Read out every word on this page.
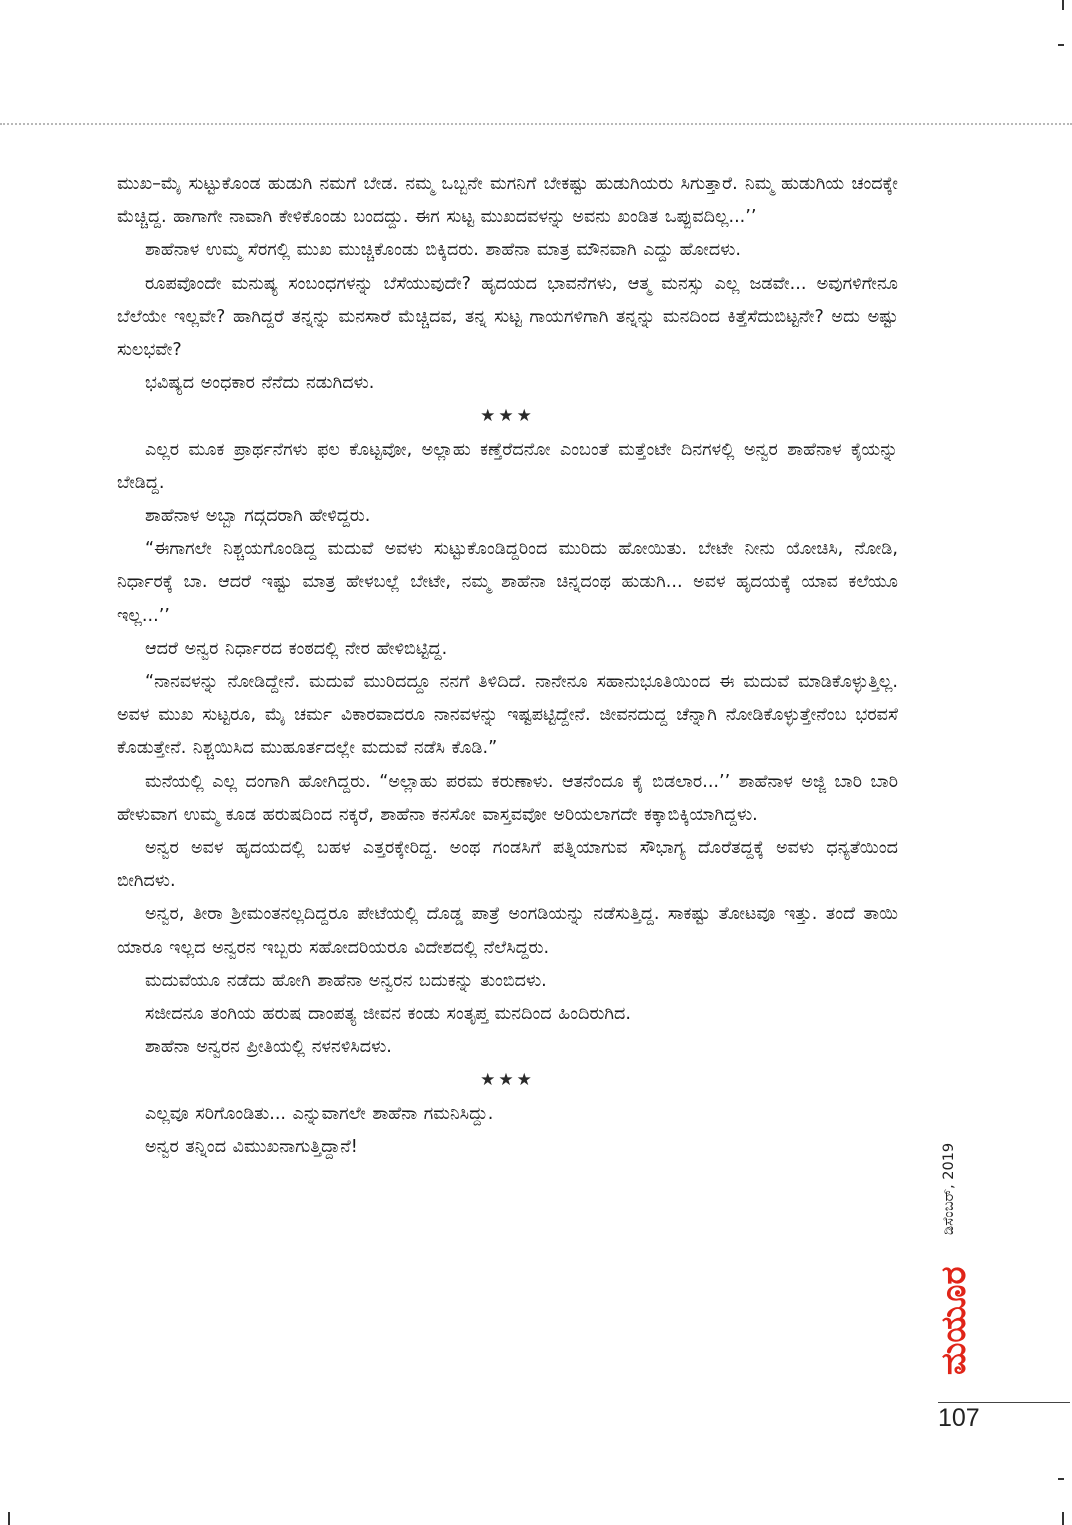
ಮುಖ–ಮೈ ಸುಟ್ಟುಕೊಂಡ ಹುಡುಗಿ ನಮಗೆ ಬೇಡ. ನಮ್ಮ ಒಬ್ಬನೇ ಮಗನಿಗೆ ಬೇಕಷ್ಟು ಹುಡುಗಿಯರು ಸಿಗುತ್ತಾರೆ. ನಿಮ್ಮ ಹುಡುಗಿಯ ಚಂದಕ್ಕೇ ಮೆಚ್ಚಿದ್ದ. ಹಾಗಾಗೇ ನಾವಾಗಿ ಕೇಳಿಕೊಂಡು ಬಂದದ್ದು. ಈಗ ಸುಟ್ಟ ಮುಖದವಳನ್ನು ಅವನು ಖಂಡಿತ ಒಪ್ಪುವದಿಲ್ಲ...’’

ಶಾಹೆನಾಳ ಉಮ್ಮ ಸೆರಗಲ್ಲಿ ಮುಖ ಮುಚ್ಚಿಕೊಂಡು ಬಿಕ್ಕಿದರು. ಶಾಹೆನಾ ಮಾತ್ರ ಮೌನವಾಗಿ ಎದ್ದು ಹೋದಳು.

ರೂಪವೊಂದೇ ಮನುಷ್ಯ ಸಂಬಂಧಗಳನ್ನು ಬೆಸೆಯುವುದೇ? ಹೃದಯದ ಭಾವನೆಗಳು, ಆತ್ಮ ಮನಸ್ಸು ಎಲ್ಲ ಜಡವೇ... ಅವುಗಳಿಗೇನೂ ಬೆಲೆಯೇ ಇಲ್ಲವೇ? ಹಾಗಿದ್ದರೆ ತನ್ನನ್ನು ಮನಸಾರೆ ಮೆಚ್ಚಿದವ, ತನ್ನ ಸುಟ್ಟ ಗಾಯಗಳಿಗಾಗಿ ತನ್ನನ್ನು ಮನದಿಂದ ಕಿತ್ತೆಸೆದುಬಿಟ್ಟನೇ? ಅದು ಅಷ್ಟು ಸುಲಭವೇ?

ಭವಿಷ್ಯದ ಅಂಧಕಾರ ನೆನೆದು ನಡುಗಿದಳು.

★★★

ಎಲ್ಲರ ಮೂಕ ಪ್ರಾರ್ಥನೆಗಳು ಫಲ ಕೊಟ್ಟವೋ, ಅಲ್ಲಾಹು ಕಣ್ತೆರೆದನೋ ಎಂಬಂತೆ ಮತ್ತೆಂಟೇ ದಿನಗಳಲ್ಲಿ ಅನ್ವರ ಶಾಹೆನಾಳ ಕೈಯನ್ನು ಬೇಡಿದ್ದ.

ಶಾಹೆನಾಳ ಅಬ್ಬಾ ಗದ್ಗದರಾಗಿ ಹೇಳಿದ್ದರು.

“ಈಗಾಗಲೇ ನಿಶ್ಚಯಗೊಂಡಿದ್ದ ಮದುವೆ ಅವಳು ಸುಟ್ಟುಕೊಂಡಿದ್ದರಿಂದ ಮುರಿದು ಹೋಯಿತು. ಬೇಟೇ ನೀನು ಯೋಚಿಸಿ, ನೋಡಿ, ನಿರ್ಧಾರಕ್ಕೆ ಬಾ. ಆದರೆ ಇಷ್ಟು ಮಾತ್ರ ಹೇಳಬಲ್ಲೆ ಬೇಟೇ, ನಮ್ಮ ಶಾಹೆನಾ ಚಿನ್ನದಂಥ ಹುಡುಗಿ... ಅವಳ ಹೃದಯಕ್ಕೆ ಯಾವ ಕಲೆಯೂ ಇಲ್ಲ...’’

ಆದರೆ ಅನ್ವರ ನಿರ್ಧಾರದ ಕಂಠದಲ್ಲಿ ನೇರ ಹೇಳಿಬಿಟ್ಟಿದ್ದ.

“ನಾನವಳನ್ನು ನೋಡಿದ್ದೇನೆ. ಮದುವೆ ಮುರಿದದ್ದೂ ನನಗೆ ತಿಳಿದಿದೆ. ನಾನೇನೂ ಸಹಾನುಭೂತಿಯಿಂದ ಈ ಮದುವೆ ಮಾಡಿಕೊಳ್ಳುತ್ತಿಲ್ಲ. ಅವಳ ಮುಖ ಸುಟ್ಟರೂ, ಮೈ ಚರ್ಮ ವಿಕಾರವಾದರೂ ನಾನವಳನ್ನು ಇಷ್ಟಪಟ್ಟಿದ್ದೇನೆ. ಜೀವನದುದ್ದ ಚೆನ್ನಾಗಿ ನೋಡಿಕೊಳ್ಳುತ್ತೇನೆಂಬ ಭರವಸೆ ಕೊಡುತ್ತೇನೆ. ನಿಶ್ಚಯಿಸಿದ ಮುಹೂರ್ತದಲ್ಲೇ ಮದುವೆ ನಡೆಸಿ ಕೊಡಿ.”

ಮನೆಯಲ್ಲಿ ಎಲ್ಲ ದಂಗಾಗಿ ಹೋಗಿದ್ದರು. “ಅಲ್ಲಾಹು ಪರಮ ಕರುಣಾಳು. ಆತನೆಂದೂ ಕೈ ಬಿಡಲಾರ...’’ ಶಾಹೆನಾಳ ಅಜ್ಜಿ ಬಾರಿ ಬಾರಿ ಹೇಳುವಾಗ ಉಮ್ಮ ಕೂಡ ಹರುಷದಿಂದ ನಕ್ಕರೆ, ಶಾಹೆನಾ ಕನಸೋ ವಾಸ್ತವವೋ ಅರಿಯಲಾಗದೇ ಕಕ್ಕಾಬಿಕ್ಕಿಯಾಗಿದ್ದಳು.

ಅನ್ವರ ಅವಳ ಹೃದಯದಲ್ಲಿ ಬಹಳ ಎತ್ತರಕ್ಕೇರಿದ್ದ. ಅಂಥ ಗಂಡಸಿಗೆ ಪತ್ನಿಯಾಗುವ ಸೌಭಾಗ್ಯ ದೊರೆತದ್ದಕ್ಕೆ ಅವಳು ಧನ್ಯತೆಯಿಂದ ಬೀಗಿದಳು.

ಅನ್ವರ, ತೀರಾ ಶ್ರೀಮಂತನಲ್ಲದಿದ್ದರೂ ಪೇಟೆಯಲ್ಲಿ ದೊಡ್ಡ ಪಾತ್ರೆ ಅಂಗಡಿಯನ್ನು ನಡೆಸುತ್ತಿದ್ದ. ಸಾಕಷ್ಟು ತೋಟವೂ ಇತ್ತು. ತಂದೆ ತಾಯಿ ಯಾರೂ ಇಲ್ಲದ ಅನ್ವರನ ಇಬ್ಬರು ಸಹೋದರಿಯರೂ ವಿದೇಶದಲ್ಲಿ ನೆಲೆಸಿದ್ದರು.

ಮದುವೆಯೂ ನಡೆದು ಹೋಗಿ ಶಾಹೆನಾ ಅನ್ವರನ ಬದುಕನ್ನು ತುಂಬಿದಳು.

ಸಜೀದನೂ ತಂಗಿಯ ಹರುಷ ದಾಂಪತ್ಯ ಜೀವನ ಕಂಡು ಸಂತೃಪ್ತ ಮನದಿಂದ ಹಿಂದಿರುಗಿದ.

ಶಾಹೆನಾ ಅನ್ವರನ ಪ್ರೀತಿಯಲ್ಲಿ ನಳನಳಿಸಿದಳು.

★★★

ಎಲ್ಲವೂ ಸರಿಗೊಂಡಿತು... ಎನ್ನುವಾಗಲೇ ಶಾಹೆನಾ ಗಮನಿಸಿದ್ದು.

ಅನ್ವರ ತನ್ನಿಂದ ವಿಮುಖನಾಗುತ್ತಿದ್ದಾನೆ!	ಡಿಸೆಂಬರ್, 2019
ಮಯೂರ
107
